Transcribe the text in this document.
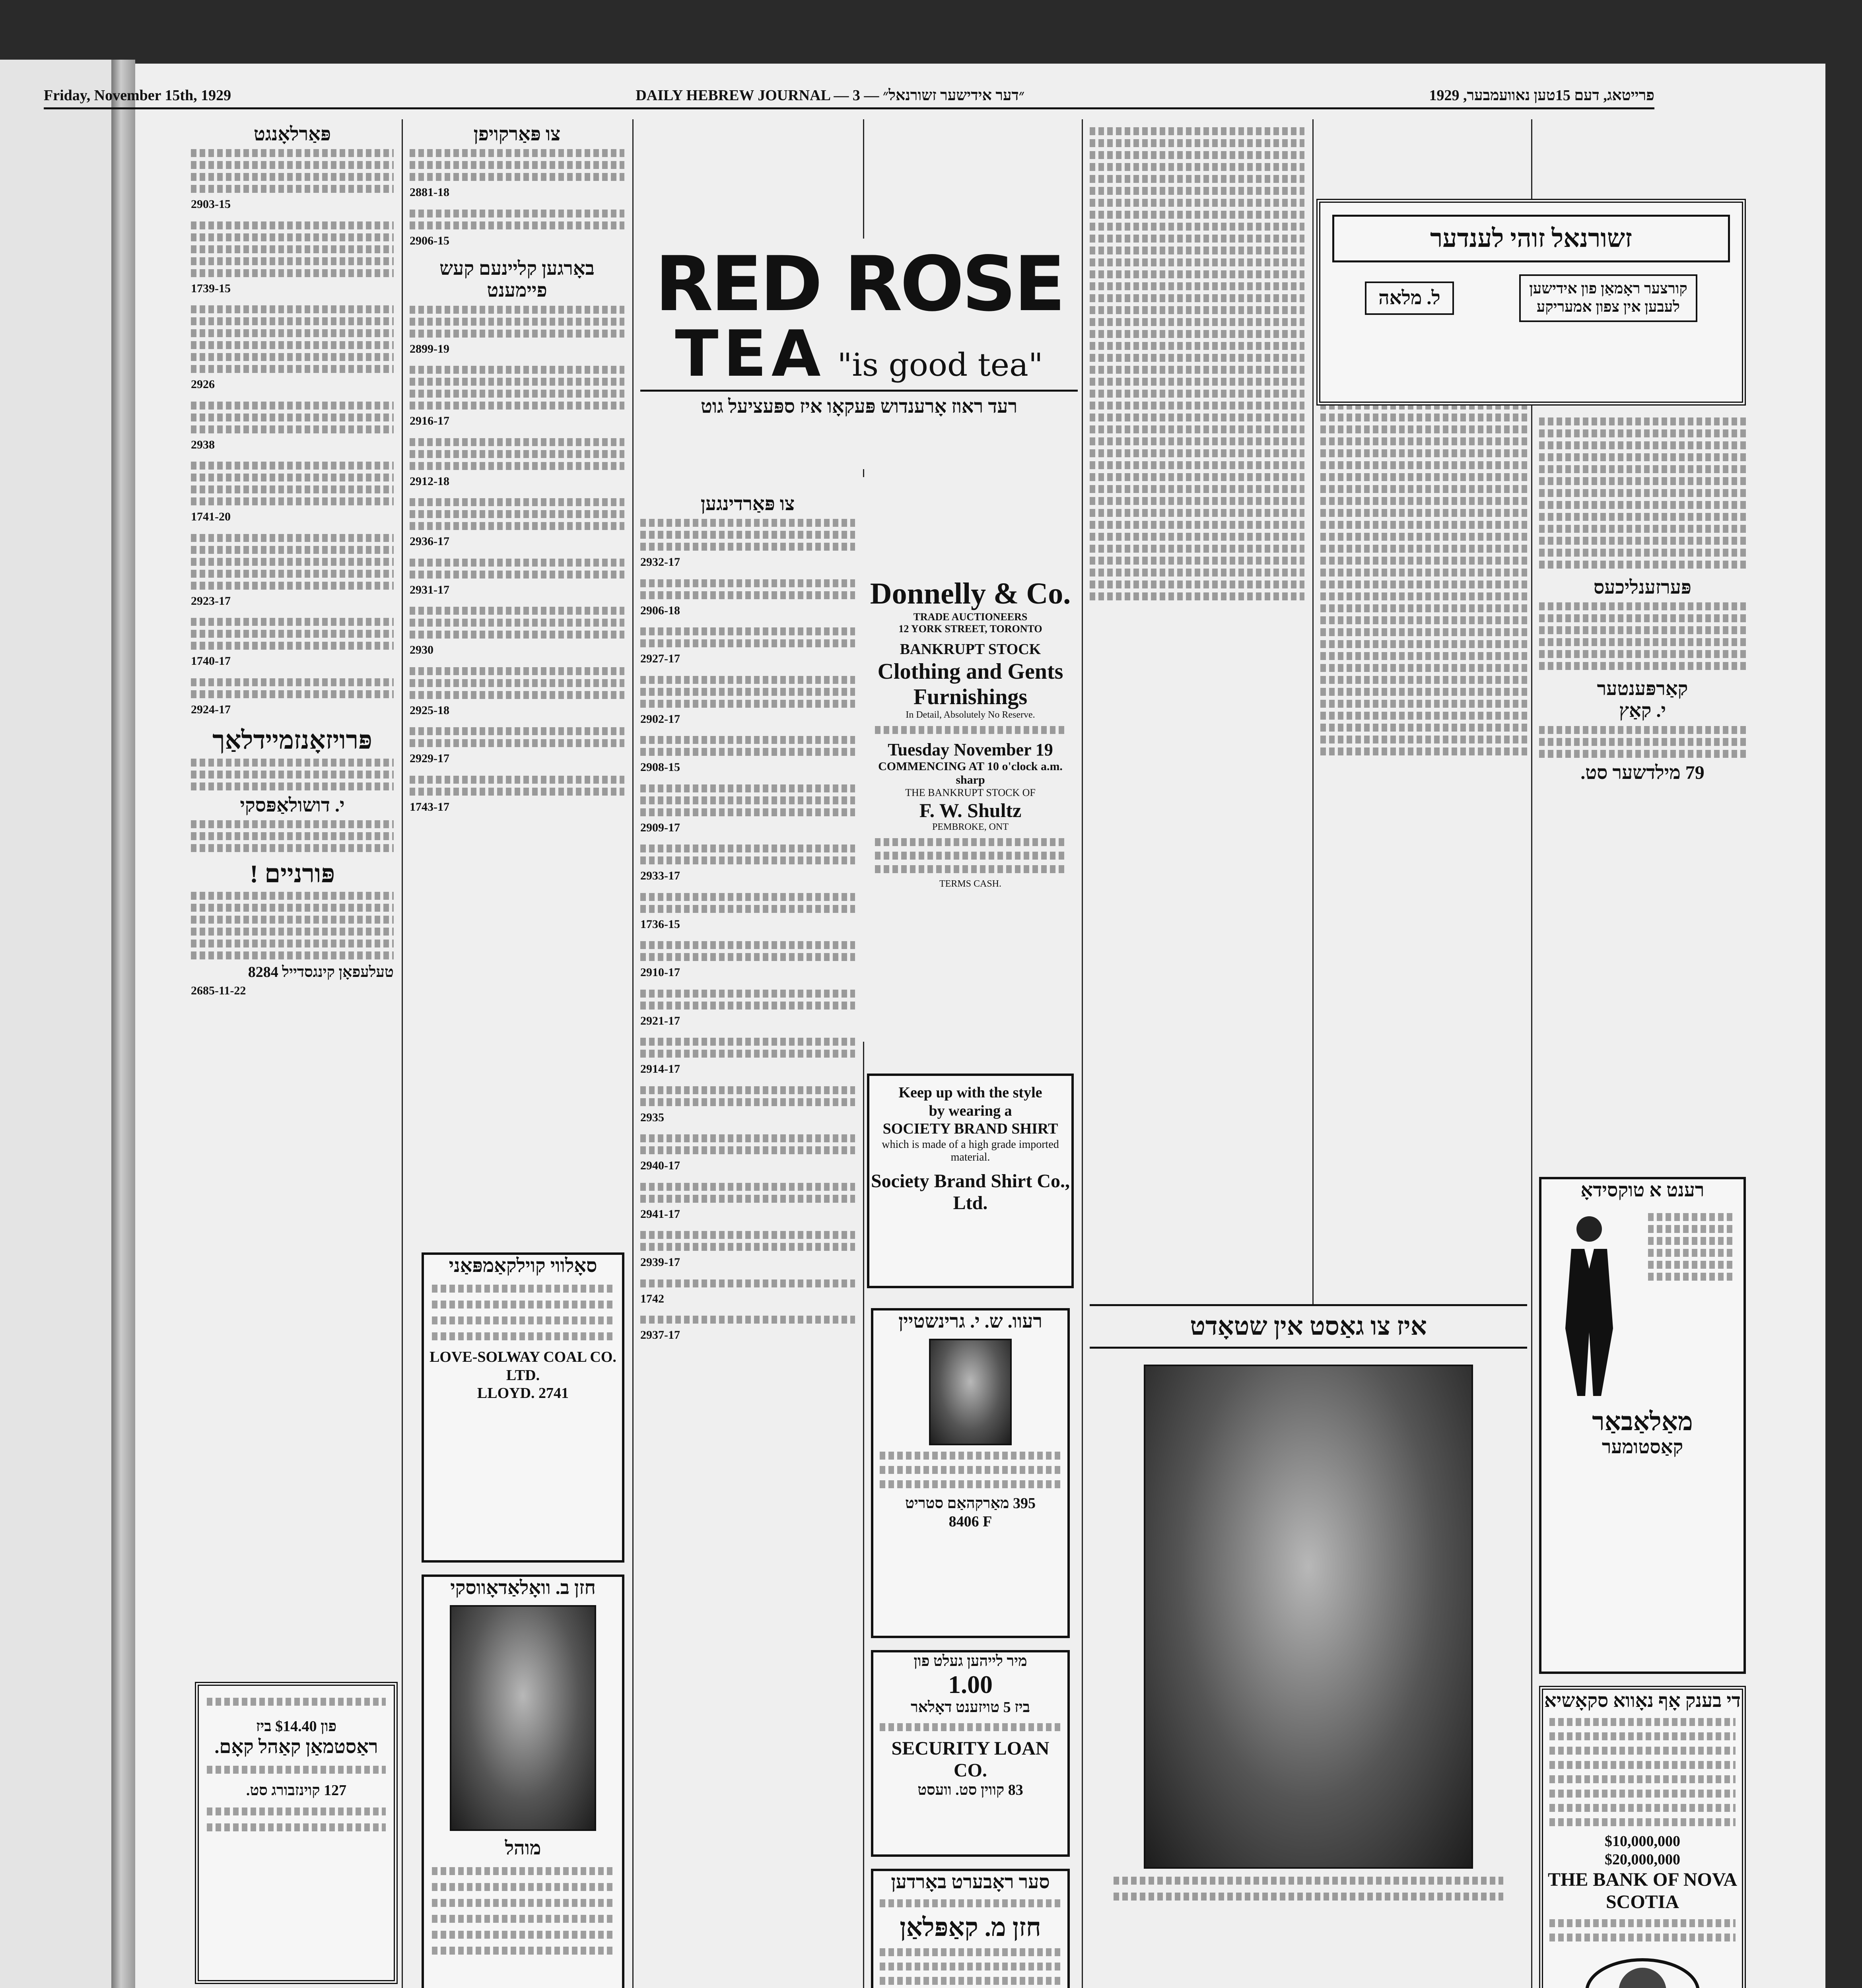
Friday, November 15th, 1929	DAILY HEBREW JOURNAL — 3 — ״דער אידישער זשורנאל״	פרייטאג, דעם 15טען נאוועמבער, 1929
פּאַרלאָנגט
2903-15
1739-15
2926
2938
1741-20
2923-17
1740-17
2924-17
פּרויזאָנזמיידלאַך
י. דושולאַפּסקי
פּורניים !
טעלעפאָן קינגסדייל 8284
2685-11-22
פון $14.40 ביז
ראַסטמאַן קאַהל קאָם.
127 קוינזבורג סט.
צו פּאַרקויפן
2881-18
2906-15
באָרגען קליינעם קעש פיימענט
2899-19
2916-17
2912-18
2936-17
2931-17
2930
2925-18
2929-17
1743-17
סאָלווי קוילקאַמפּאַני
LOVE-SOLWAY COAL CO. LTD.
LLOYD. 2741
חזן ב. וואָלאַדאָווסקי
מוהל
צו פּאַרדינגען
2932-17
2906-18
2927-17
2902-17
2908-15
2909-17
2933-17
1736-15
2910-17
2921-17
2914-17
2935
2940-17
2941-17
2939-17
1742
2937-17
RED ROSE
TEA "is good tea"
רעד ראוז אָרענדוש פּעקאָו איז ספּעציעל גוט
Donnelly & Co.
TRADE AUCTIONEERS
12 YORK STREET, TORONTO
BANKRUPT STOCK
Clothing and Gents Furnishings
In Detail, Absolutely No Reserve.
Tuesday November 19
COMMENCING AT 10 o'clock a.m. sharp
THE BANKRUPT STOCK OF
F. W. Shultz
PEMBROKE, ONT
TERMS CASH.
Keep up with the style
by wearing a
SOCIETY BRAND SHIRT
which is made of a high grade imported material.
Society Brand Shirt Co., Ltd.
רעוו. ש. י. גרינשטיין
395 מאַרקהאַם סטריט
8406 F
מיר לייהען געלט פון
1.00
ביז 5 טויזענט דאָלאר
SECURITY LOAN CO.
83 קווין סט. וועסט
סער ראָבערט באָרדען
חזן מ. קאַפּלאַן
זשורנאל זוהי לענדער
קורצער ראָמאַן פון אידישען לעבען אין צפון אמעריקע
ל. מלאה
איז צו גאַסט אין שטאָדט
פּערזענליכעס
קאַרפּענטער
י. קאַץ
79 מילדשער סט.
רענט א טוקסידאָ
מאַלאַבאַר
קאַסטומער
די בענק אָף נאָווא סקאָשיא
$10,000,000
$20,000,000
THE BANK OF NOVA SCOTIA
